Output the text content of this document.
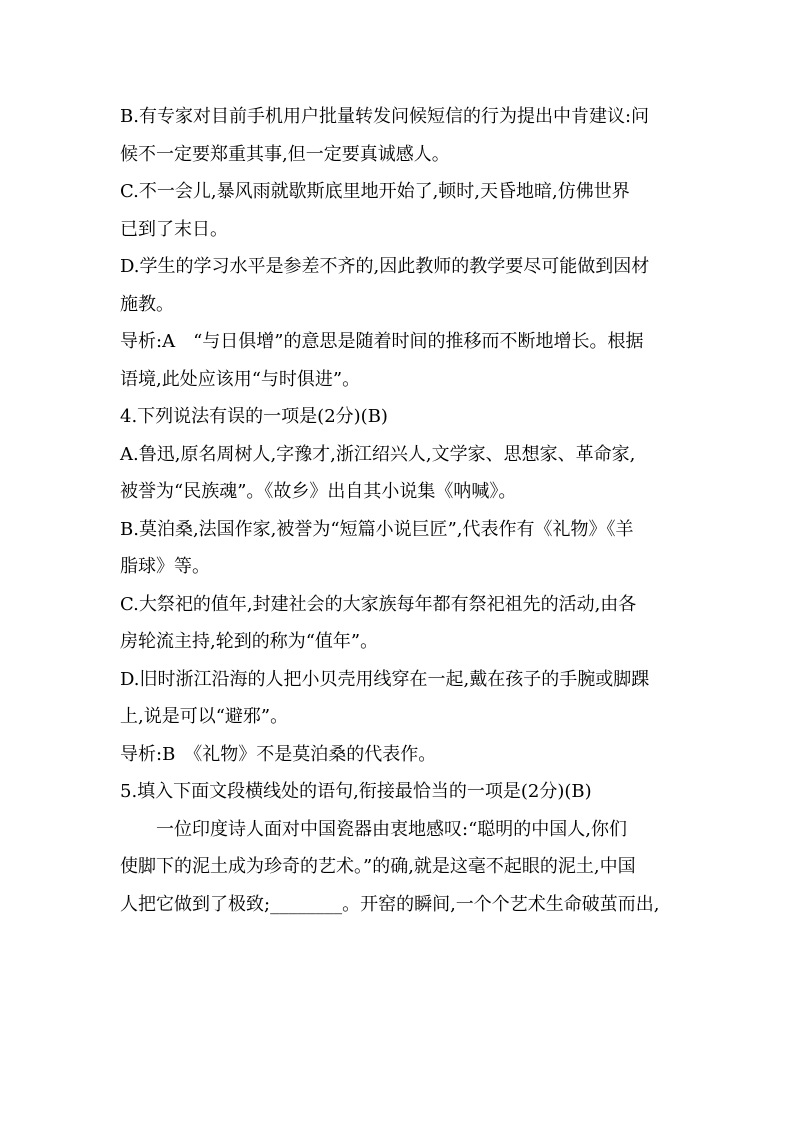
B.有专家对目前手机用户批量转发问候短信的行为提出中肯建议:问
候不一定要郑重其事,但一定要真诚感人。
C.不一会儿,暴风雨就歇斯底里地开始了,顿时,天昏地暗,仿佛世界
已到了末日。
D.学生的学习水平是参差不齐的,因此教师的教学要尽可能做到因材
施教。
导析:A　“与日俱增”的意思是随着时间的推移而不断地增长。根据
语境,此处应该用“与时俱进”。
4.下列说法有误的一项是(2分)(B)
A.鲁迅,原名周树人,字豫才,浙江绍兴人,文学家、思想家、革命家,
被誉为“民族魂”。《故乡》出自其小说集《呐喊》。
B.莫泊桑,法国作家,被誉为“短篇小说巨匠”,代表作有《礼物》《羊
脂球》等。
C.大祭祀的值年,封建社会的大家族每年都有祭祀祖先的活动,由各
房轮流主持,轮到的称为“值年”。
D.旧时浙江沿海的人把小贝壳用线穿在一起,戴在孩子的手腕或脚踝
上,说是可以“避邪”。
导析:B　《礼物》不是莫泊桑的代表作。
5.填入下面文段横线处的语句,衔接最恰当的一项是(2分)(B)
一位印度诗人面对中国瓷器由衷地感叹:“聪明的中国人,你们
使脚下的泥土成为珍奇的艺术。”的确,就是这毫不起眼的泥土,中国
人把它做到了极致;________。开窑的瞬间,一个个艺术生命破茧而出,
